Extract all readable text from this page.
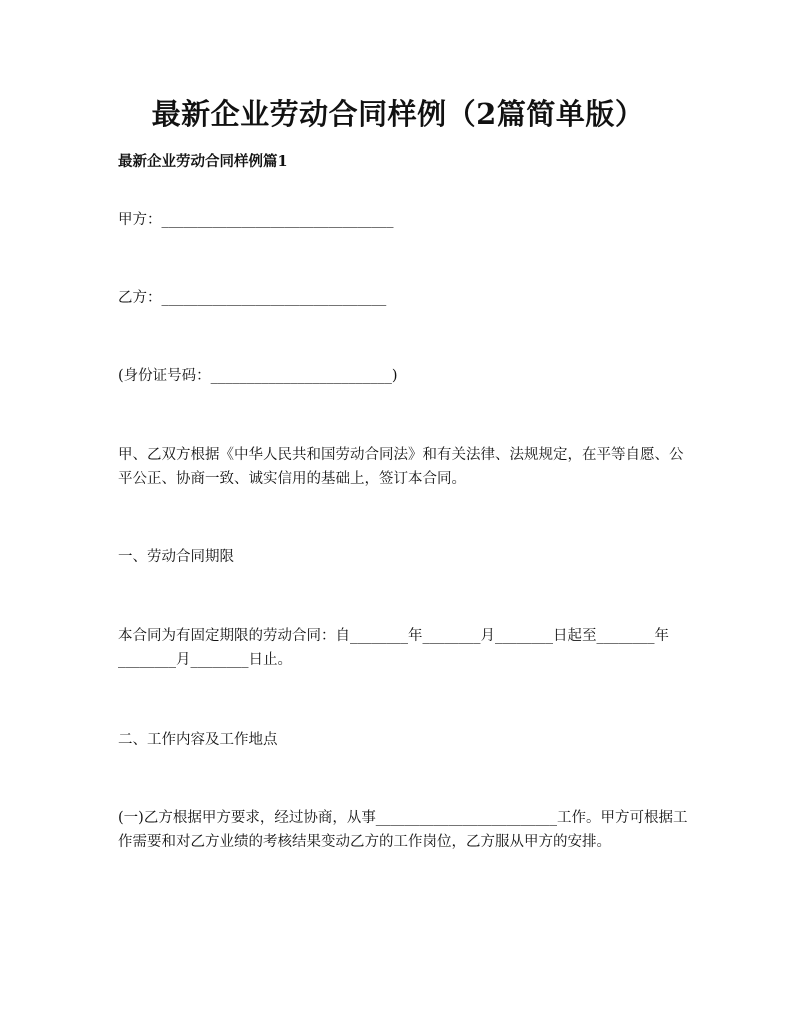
最新企业劳动合同样例（2篇简单版）
最新企业劳动合同样例篇1
甲方：________________________________
乙方：_______________________________
(身份证号码：_________________________)
甲、乙双方根据《中华人民共和国劳动合同法》和有关法律、法规规定，在平等自愿、公平公正、协商一致、诚实信用的基础上，签订本合同。
一、劳动合同期限
本合同为有固定期限的劳动合同：自________年________月________日起至________年________月________日止。
二、工作内容及工作地点
(一)乙方根据甲方要求，经过协商，从事_________________________工作。甲方可根据工作需要和对乙方业绩的考核结果变动乙方的工作岗位，乙方服从甲方的安排。
